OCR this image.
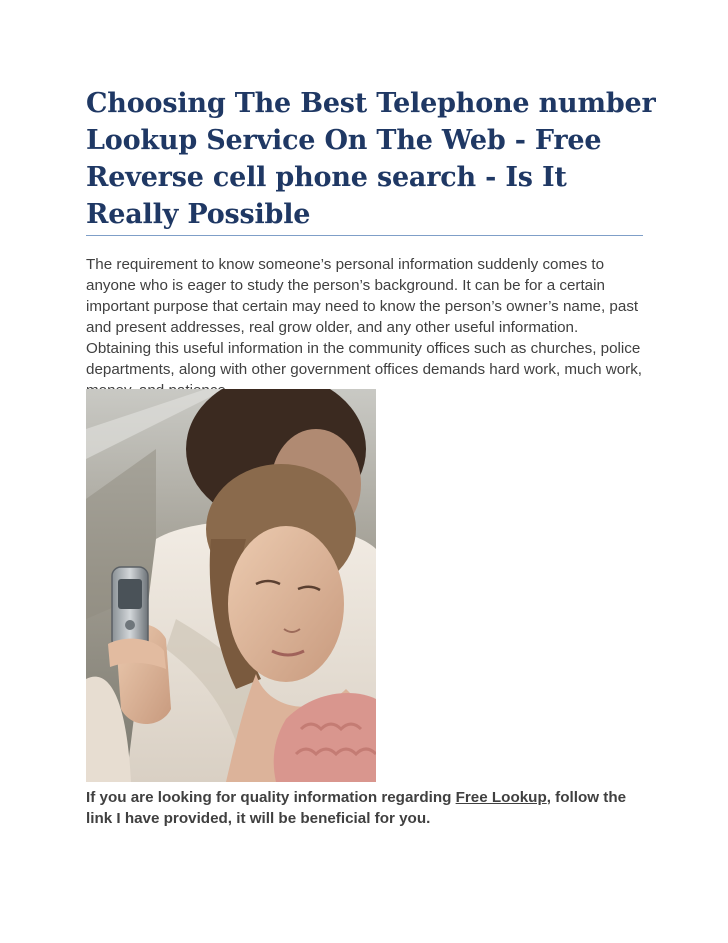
Choosing The Best Telephone number Lookup Service On The Web - Free Reverse cell phone search - Is It Really Possible

The requirement to know someone’s personal information suddenly comes to anyone who is eager to study the person’s background. It can be for a certain important purpose that certain may need to know the person’s owner’s name, past and present addresses, real grow older, and any other useful information. Obtaining this useful information in the community offices such as churches, police departments, along with other government offices demands hard work, much work,

If you are looking for quality information regarding Free Lookup, follow the link I have provided, it will be beneficial for you.
